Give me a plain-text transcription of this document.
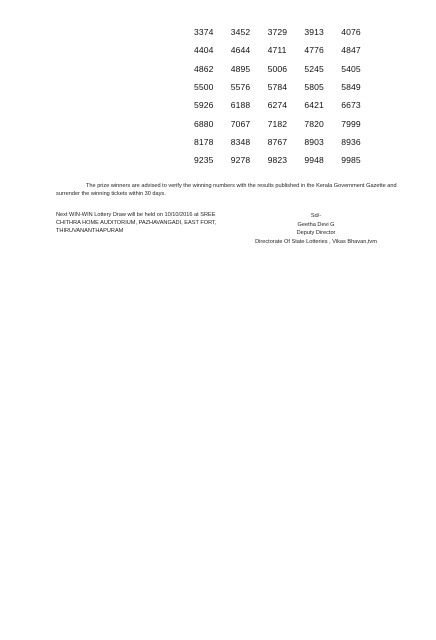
3374	3452	3729	3913	4076
4404	4644	4711	4776	4847
4862	4895	5006	5245	5405
5500	5576	5784	5805	5849
5926	6188	6274	6421	6673
6880	7067	7182	7820	7999
8178	8348	8767	8903	8936
9235	9278	9823	9948	9985
The prize winners are advised to verify the winning numbers with the results published in the Kerala Government Gazette and surrender the winning tickets within 30 days.
Next WIN-WIN Lottery Draw will be held on 10/10/2016 at SREE
CHITHRA HOME AUDITORIUM, PAZHAVANGADI, EAST FORT,
THIRUVANANTHAPURAM
Sd/-
Geetha Devi G
Deputy Director
Directorate Of State Lotteries , Vikas Bhavan,tvm
